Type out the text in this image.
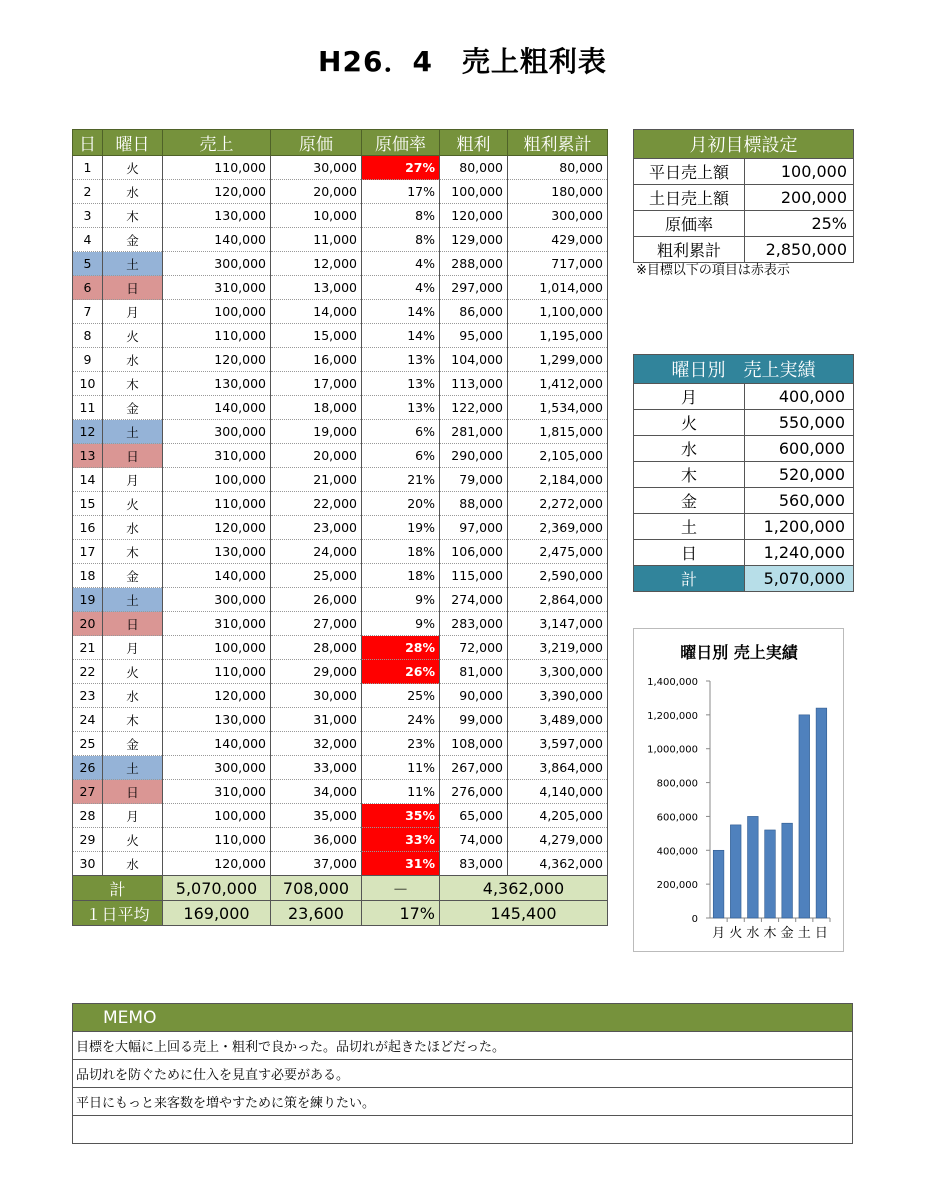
H26．4　売上粗利表
日	曜日	売上	原価	原価率	粗利	粗利累計
1	火	110,000	30,000	27%	80,000	80,000
2	水	120,000	20,000	17%	100,000	180,000
3	木	130,000	10,000	8%	120,000	300,000
4	金	140,000	11,000	8%	129,000	429,000
5	土	300,000	12,000	4%	288,000	717,000
6	日	310,000	13,000	4%	297,000	1,014,000
7	月	100,000	14,000	14%	86,000	1,100,000
8	火	110,000	15,000	14%	95,000	1,195,000
9	水	120,000	16,000	13%	104,000	1,299,000
10	木	130,000	17,000	13%	113,000	1,412,000
11	金	140,000	18,000	13%	122,000	1,534,000
12	土	300,000	19,000	6%	281,000	1,815,000
13	日	310,000	20,000	6%	290,000	2,105,000
14	月	100,000	21,000	21%	79,000	2,184,000
15	火	110,000	22,000	20%	88,000	2,272,000
16	水	120,000	23,000	19%	97,000	2,369,000
17	木	130,000	24,000	18%	106,000	2,475,000
18	金	140,000	25,000	18%	115,000	2,590,000
19	土	300,000	26,000	9%	274,000	2,864,000
20	日	310,000	27,000	9%	283,000	3,147,000
21	月	100,000	28,000	28%	72,000	3,219,000
22	火	110,000	29,000	26%	81,000	3,300,000
23	水	120,000	30,000	25%	90,000	3,390,000
24	木	130,000	31,000	24%	99,000	3,489,000
25	金	140,000	32,000	23%	108,000	3,597,000
26	土	300,000	33,000	11%	267,000	3,864,000
27	日	310,000	34,000	11%	276,000	4,140,000
28	月	100,000	35,000	35%	65,000	4,205,000
29	火	110,000	36,000	33%	74,000	4,279,000
30	水	120,000	37,000	31%	83,000	4,362,000
計		5,070,000	708,000	－	4,362,000	
１日平均		169,000	23,600	17%	145,400	
月初目標設定	
平日売上額	100,000
土日売上額	200,000
原価率	25%
粗利累計	2,850,000
※目標以下の項目は赤表示
曜日別　売上実績	
月	400,000
火	550,000
水	600,000
木	520,000
金	560,000
土	1,200,000
日	1,240,000
計	5,070,000
曜日別 売上実績
1,400,000
1,200,000
1,000,000
800,000
600,000
400,000
200,000
0
月 火 水 木 金 土 日
MEMO
目標を大幅に上回る売上・粗利で良かった。品切れが起きたほどだった。
品切れを防ぐために仕入を見直す必要がある。
平日にもっと来客数を増やすために策を練りたい。
